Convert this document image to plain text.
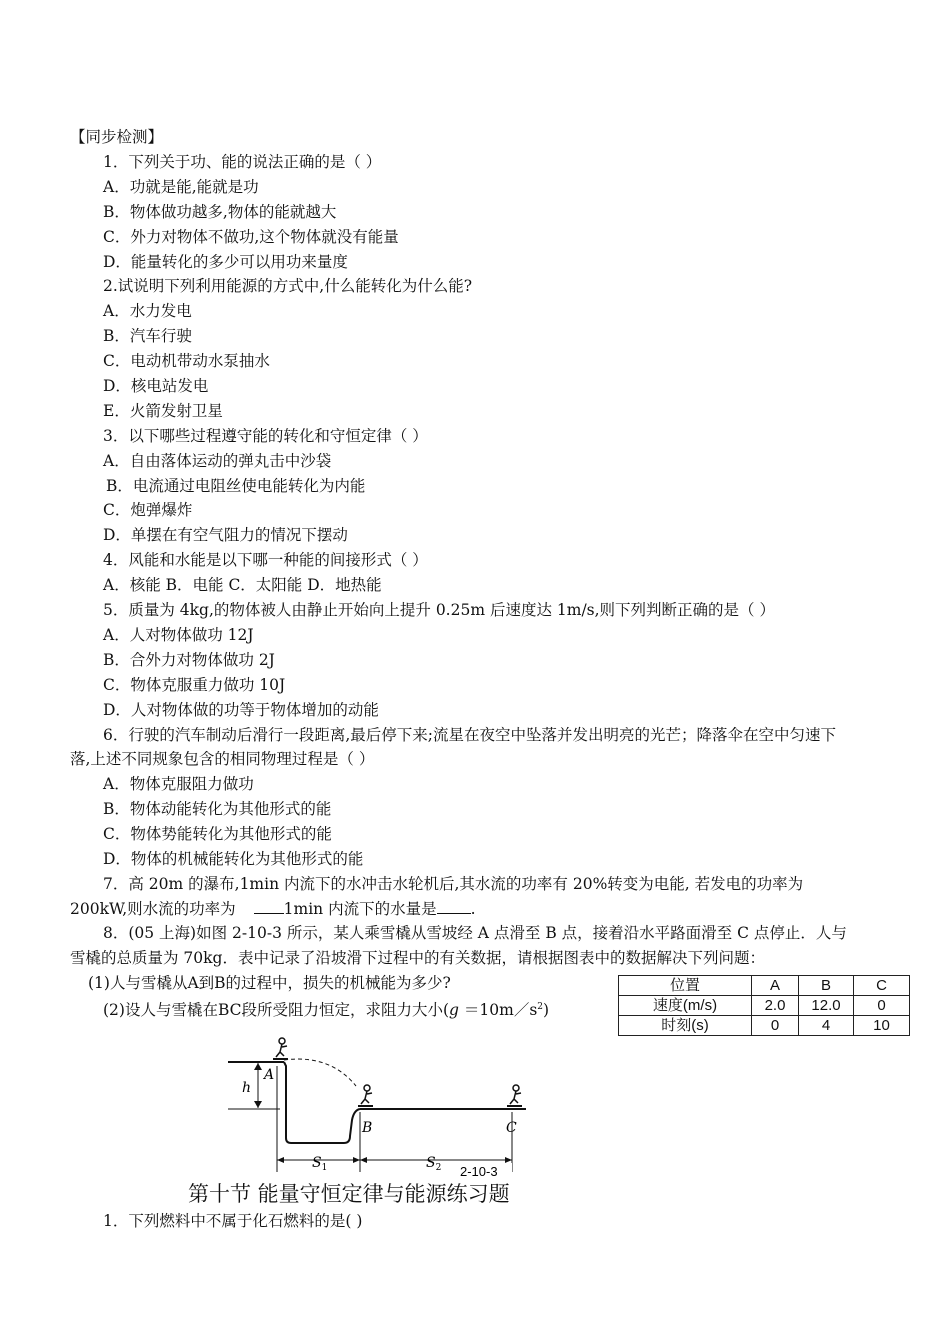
【同步检测】
1．下列关于功、能的说法正确的是（ ）
A．功就是能,能就是功
B．物体做功越多,物体的能就越大
C．外力对物体不做功,这个物体就没有能量
D．能量转化的多少可以用功来量度
2.试说明下列利用能源的方式中,什么能转化为什么能?
A．水力发电
B．汽车行驶
C．电动机带动水泵抽水
D．核电站发电
E．火箭发射卫星
3．以下哪些过程遵守能的转化和守恒定律（ ）
A．自由落体运动的弹丸击中沙袋
B．电流通过电阻丝使电能转化为内能
C．炮弹爆炸
D．单摆在有空气阻力的情况下摆动
4．风能和水能是以下哪一种能的间接形式（ ）
A．核能 B．电能 C．太阳能 D．地热能
5．质量为 4kg,的物体被人由静止开始向上提升 0.25m 后速度达 1m/s,则下列判断正确的是（ ）
A．人对物体做功 12J
B．合外力对物体做功 2J
C．物体克服重力做功 10J
D．人对物体做的功等于物体增加的动能
6．行驶的汽车制动后滑行一段距离,最后停下来;流星在夜空中坠落并发出明亮的光芒；降落伞在空中匀速下
落,上述不同规象包含的相同物理过程是（ ）
A．物体克服阻力做功
B．物体动能转化为其他形式的能
C．物体势能转化为其他形式的能
D．物体的机械能转化为其他形式的能
7．高 20m 的瀑布,1min 内流下的水冲击水轮机后,其水流的功率有 20%转变为电能, 若发电的功率为
200kW,则水流的功率为	1min 内流下的水量是 .
8．(05 上海)如图 2-10-3 所示，某人乘雪橇从雪坡经 A 点滑至 B 点，接着沿水平路面滑至 C 点停止．人与
雪橇的总质量为 70kg．表中记录了沿坡滑下过程中的有关数据，请根据图表中的数据解决下列问题：
(1)人与雪橇从A到B的过程中，损失的机械能为多少?
(2)设人与雪橇在BC段所受阻力恒定，求阻力大小$(g =10m/s^2)$
位置	A	B	C
速度(m/s)	2.0	12.0	0
时刻(s)	0	4	10
A
h
B	C
$S_1$	$S_2$ 2-10-3
第十节 能量守恒定律与能源练习题
1．下列燃料中不属于化石燃料的是( )
